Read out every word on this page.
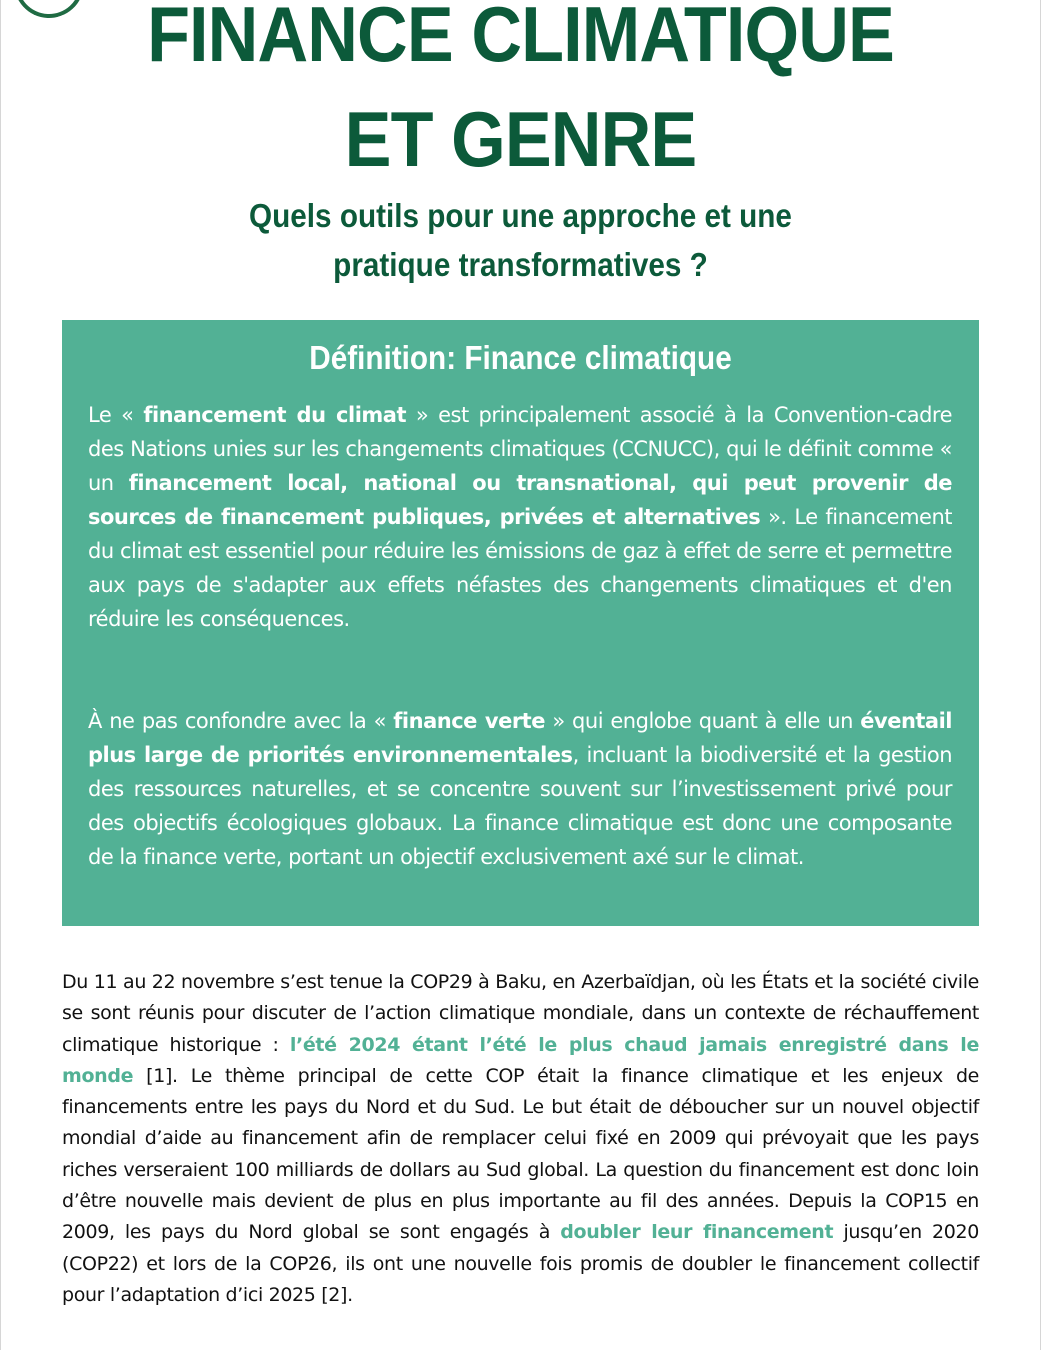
FINANCE CLIMATIQUE
ET GENRE
Quels outils pour une approche et une
pratique transformatives ?
Définition: Finance climatique
Le « financement du climat » est principalement associé à la Convention-cadre des Nations unies sur les changements climatiques (CCNUCC), qui le définit comme « un financement local, national ou transnational, qui peut provenir de sources de financement publiques, privées et alternatives ». Le financement du climat est essentiel pour réduire les émissions de gaz à effet de serre et permettre aux pays de s'adapter aux effets néfastes des changements climatiques et d'en réduire les conséquences.
À ne pas confondre avec la « finance verte » qui englobe quant à elle un éventail plus large de priorités environnementales, incluant la biodiversité et la gestion des ressources naturelles, et se concentre souvent sur l’investissement privé pour des objectifs écologiques globaux. La finance climatique est donc une composante de la finance verte, portant un objectif exclusivement axé sur le climat.
Du 11 au 22 novembre s’est tenue la COP29 à Baku, en Azerbaïdjan, où les États et la société civile se sont réunis pour discuter de l’action climatique mondiale, dans un contexte de réchauffement climatique historique : l’été 2024 étant l’été le plus chaud jamais enregistré dans le monde [1]. Le thème principal de cette COP était la finance climatique et les enjeux de financements entre les pays du Nord et du Sud. Le but était de déboucher sur un nouvel objectif mondial d’aide au financement afin de remplacer celui fixé en 2009 qui prévoyait que les pays riches verseraient 100 milliards de dollars au Sud global. La question du financement est donc loin d’être nouvelle mais devient de plus en plus importante au fil des années. Depuis la COP15 en 2009, les pays du Nord global se sont engagés à doubler leur financement jusqu’en 2020 (COP22) et lors de la COP26, ils ont une nouvelle fois promis de doubler le financement collectif pour l’adaptation d’ici 2025 [2].
